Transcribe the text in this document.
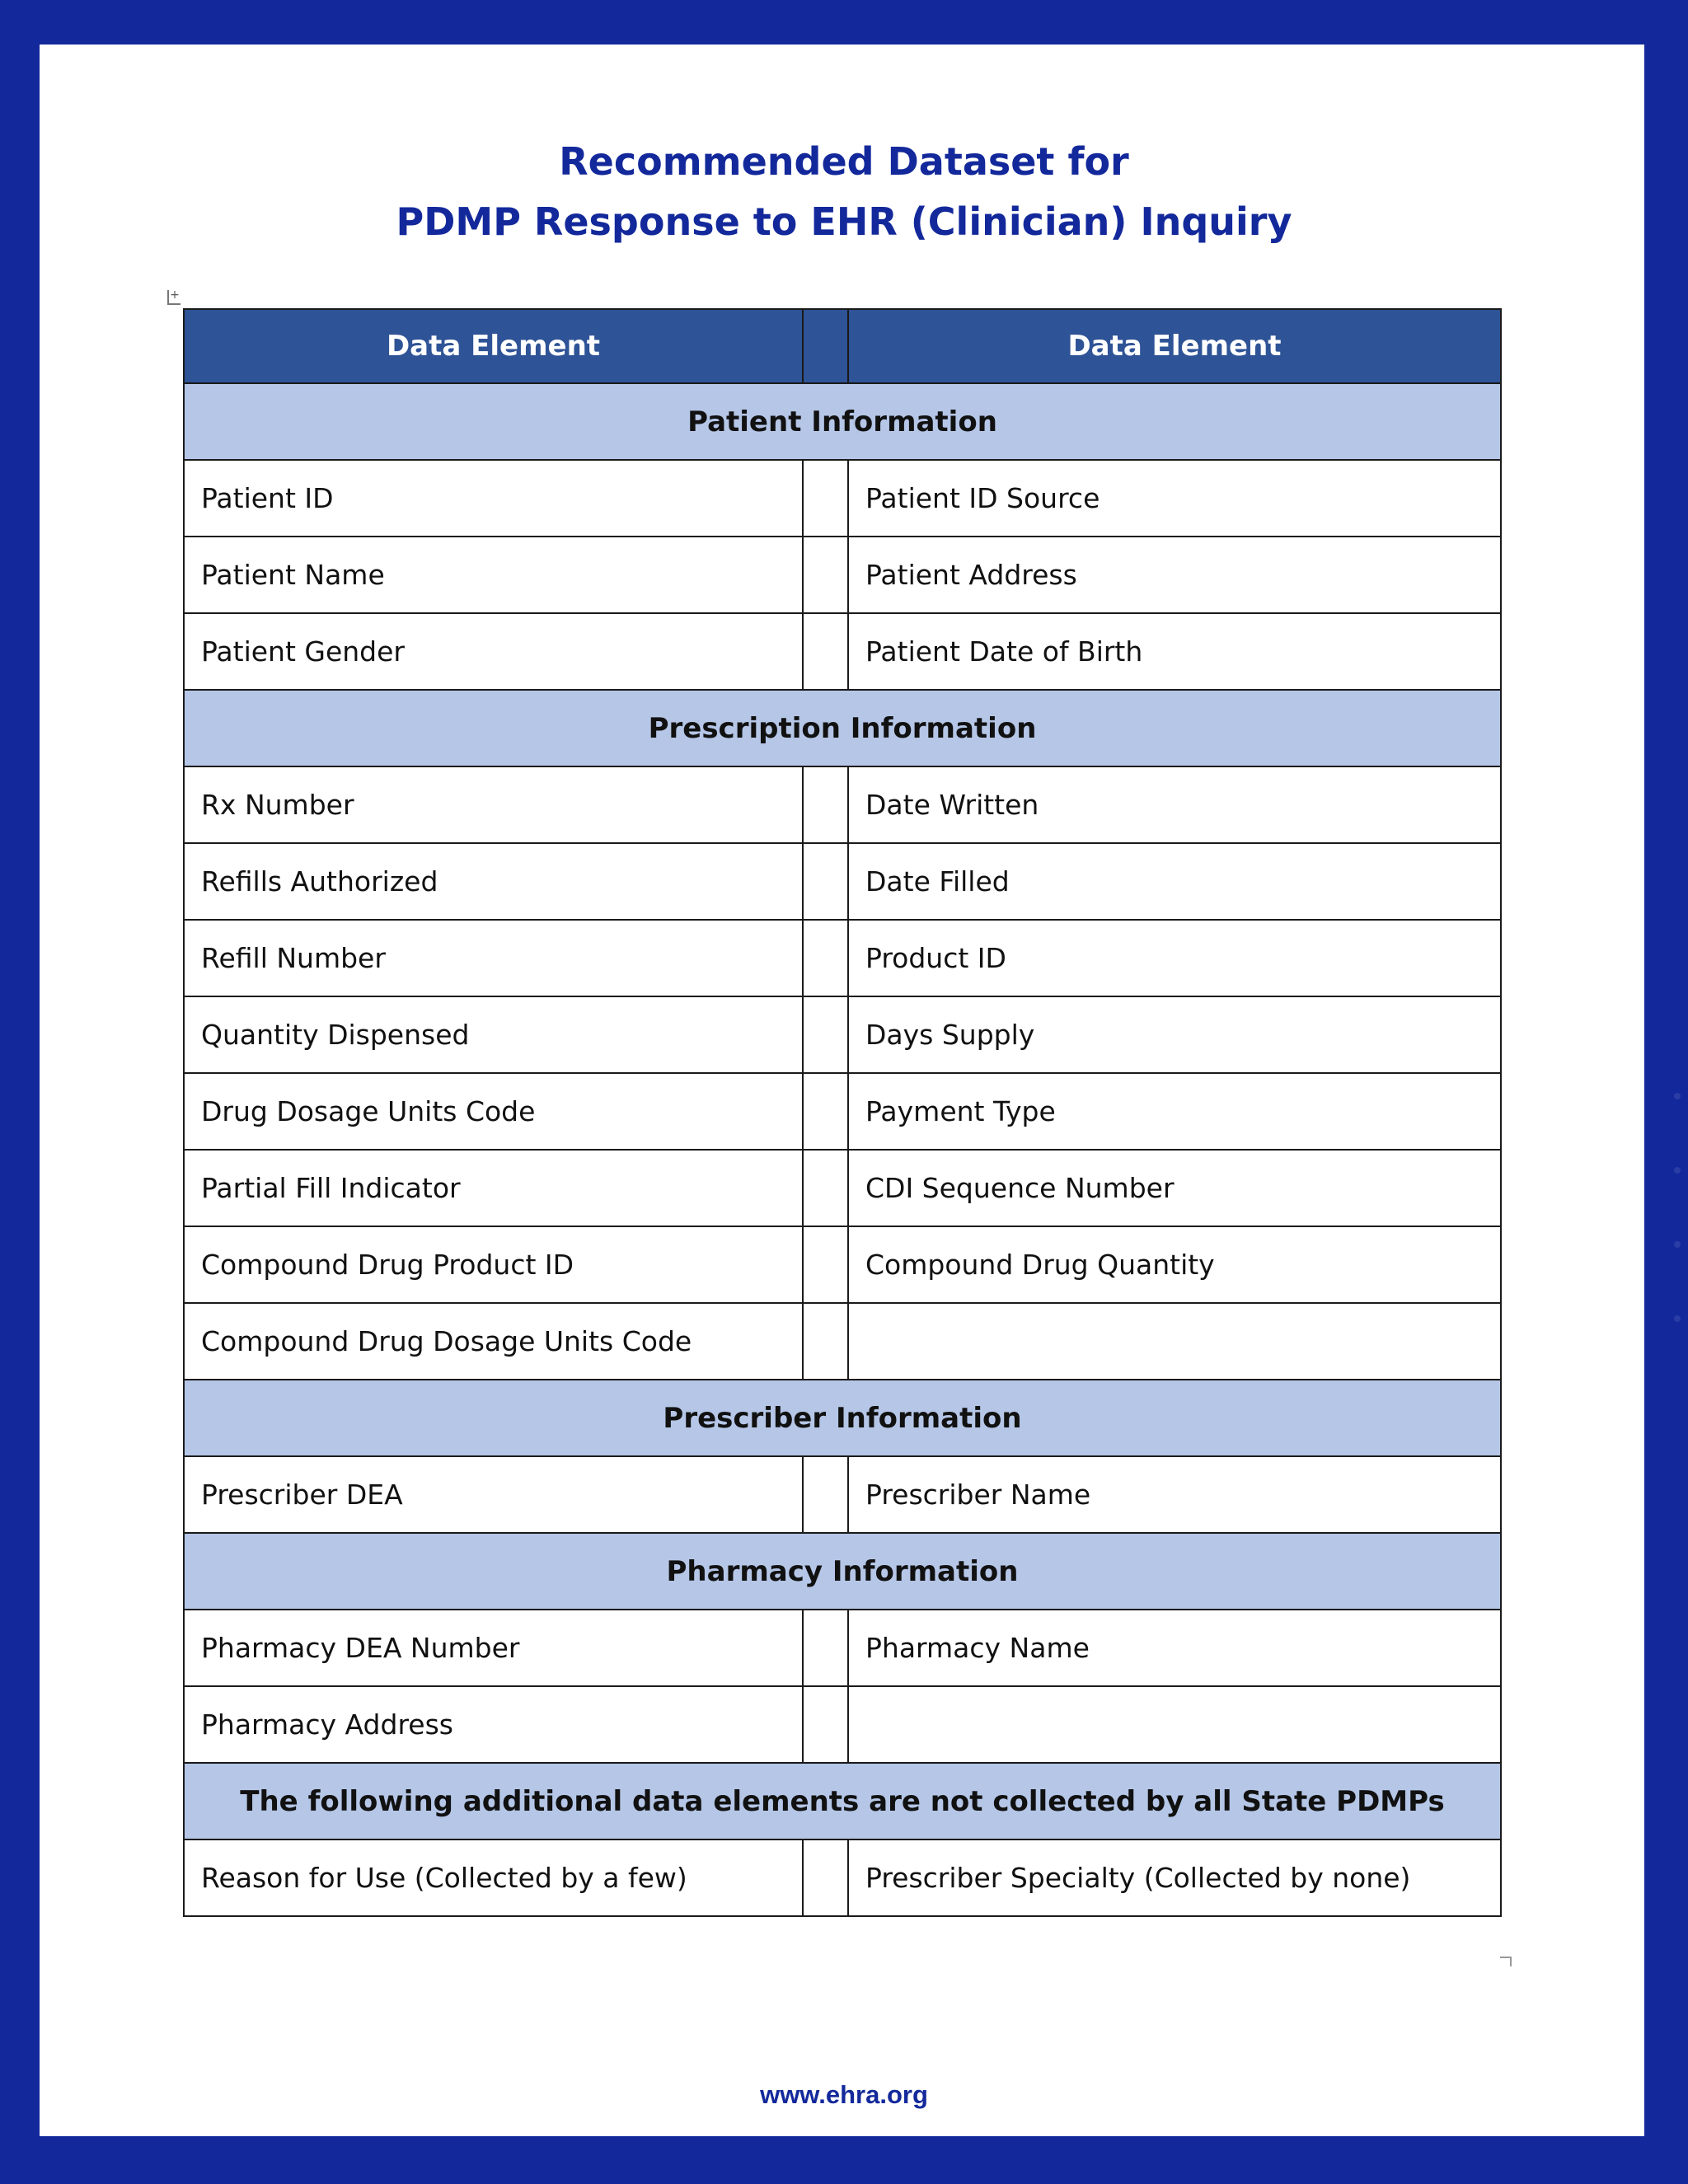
Recommended Dataset for
PDMP Response to EHR (Clinician) Inquiry
+
Data Element		Data Element
Patient Information		
Patient ID		Patient ID Source
Patient Name		Patient Address
Patient Gender		Patient Date of Birth
Prescription Information		
Rx Number		Date Written
Refills Authorized		Date Filled
Refill Number		Product ID
Quantity Dispensed		Days Supply
Drug Dosage Units Code		Payment Type
Partial Fill Indicator		CDI Sequence Number
Compound Drug Product ID		Compound Drug Quantity
Compound Drug Dosage Units Code		
Prescriber Information		
Prescriber DEA		Prescriber Name
Pharmacy Information		
Pharmacy DEA Number		Pharmacy Name
Pharmacy Address		
The following additional data elements are not collected by all State PDMPs		
Reason for Use (Collected by a few)		Prescriber Specialty (Collected by none)
www.ehra.org
